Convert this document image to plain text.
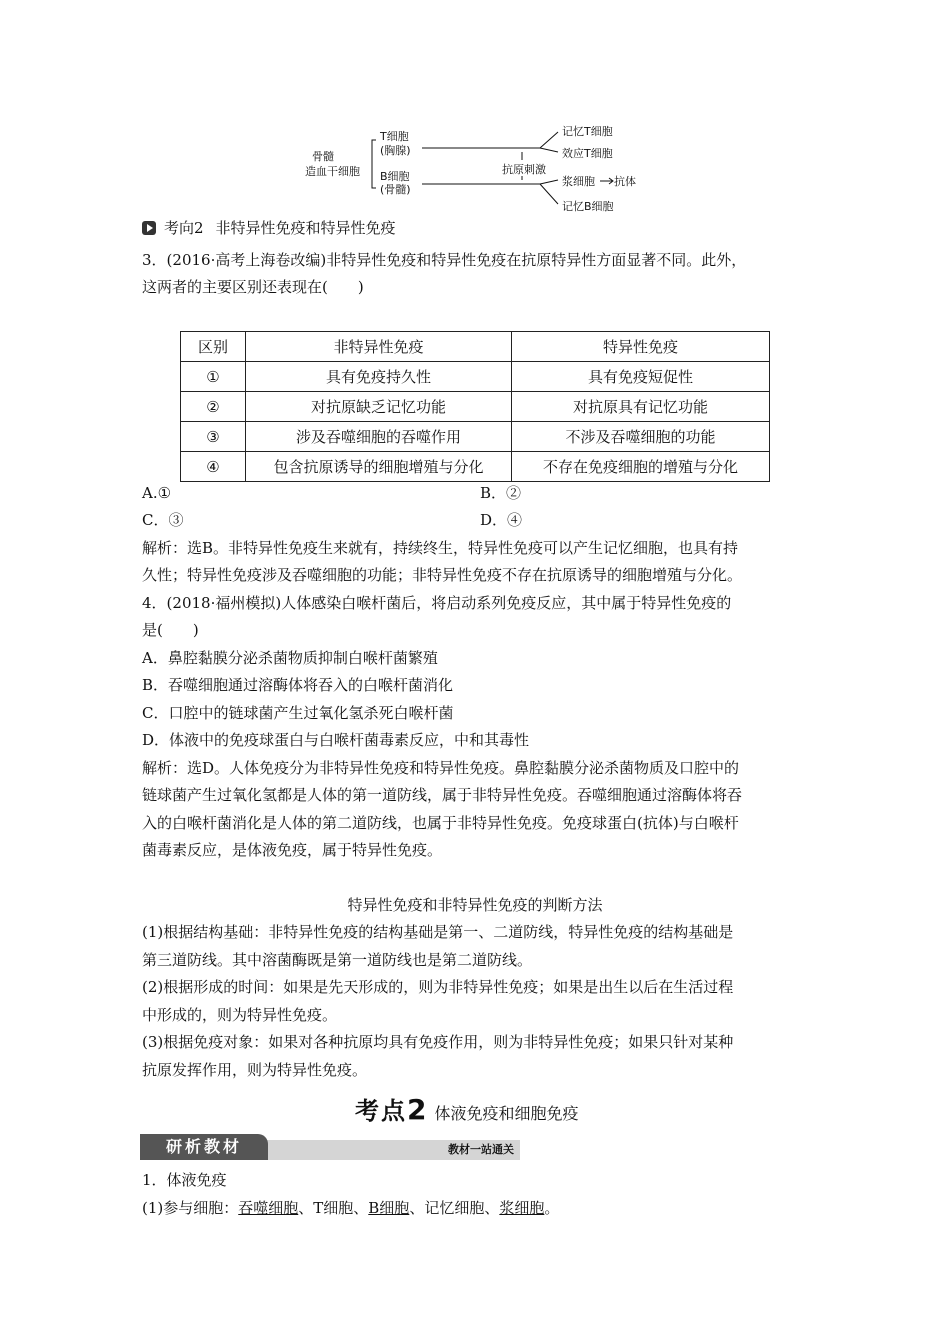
骨髓
造血干细胞
T细胞
(胸腺)
B细胞
(骨髓)
抗原刺激
记忆T细胞
效应T细胞
浆细胞 抗体
记忆B细胞
考向2 非特异性免疫和特异性免疫
3．(2016·高考上海卷改编)非特异性免疫和特异性免疫在抗原特异性方面显著不同。此外，
这两者的主要区别还表现在(　　)
区别	非特异性免疫	特异性免疫
①	具有免疫持久性	具有免疫短促性
②	对抗原缺乏记忆功能	对抗原具有记忆功能
③	涉及吞噬细胞的吞噬作用	不涉及吞噬细胞的功能
④	包含抗原诱导的细胞增殖与分化	不存在免疫细胞的增殖与分化
A.①	B．②
C．③	D．④
解析：选B。非特异性免疫生来就有，持续终生，特异性免疫可以产生记忆细胞，也具有持
久性；特异性免疫涉及吞噬细胞的功能；非特异性免疫不存在抗原诱导的细胞增殖与分化。
4．(2018·福州模拟)人体感染白喉杆菌后，将启动系列免疫反应，其中属于特异性免疫的
是(　　)
A．鼻腔黏膜分泌杀菌物质抑制白喉杆菌繁殖
B．吞噬细胞通过溶酶体将吞入的白喉杆菌消化
C．口腔中的链球菌产生过氧化氢杀死白喉杆菌
D．体液中的免疫球蛋白与白喉杆菌毒素反应，中和其毒性
解析：选D。人体免疫分为非特异性免疫和特异性免疫。鼻腔黏膜分泌杀菌物质及口腔中的
链球菌产生过氧化氢都是人体的第一道防线，属于非特异性免疫。吞噬细胞通过溶酶体将吞
入的白喉杆菌消化是人体的第二道防线，也属于非特异性免疫。免疫球蛋白(抗体)与白喉杆
菌毒素反应，是体液免疫，属于特异性免疫。
特异性免疫和非特异性免疫的判断方法
(1)根据结构基础：非特异性免疫的结构基础是第一、二道防线，特异性免疫的结构基础是
第三道防线。其中溶菌酶既是第一道防线也是第二道防线。
(2)根据形成的时间：如果是先天形成的，则为非特异性免疫；如果是出生以后在生活过程
中形成的，则为特异性免疫。
(3)根据免疫对象：如果对各种抗原均具有免疫作用，则为非特异性免疫；如果只针对某种
抗原发挥作用，则为特异性免疫。
考点2 体液免疫和细胞免疫
研析教材	教材一站通关
1．体液免疫
(1)参与细胞：吞噬细胞、T细胞、B细胞、记忆细胞、浆细胞。
